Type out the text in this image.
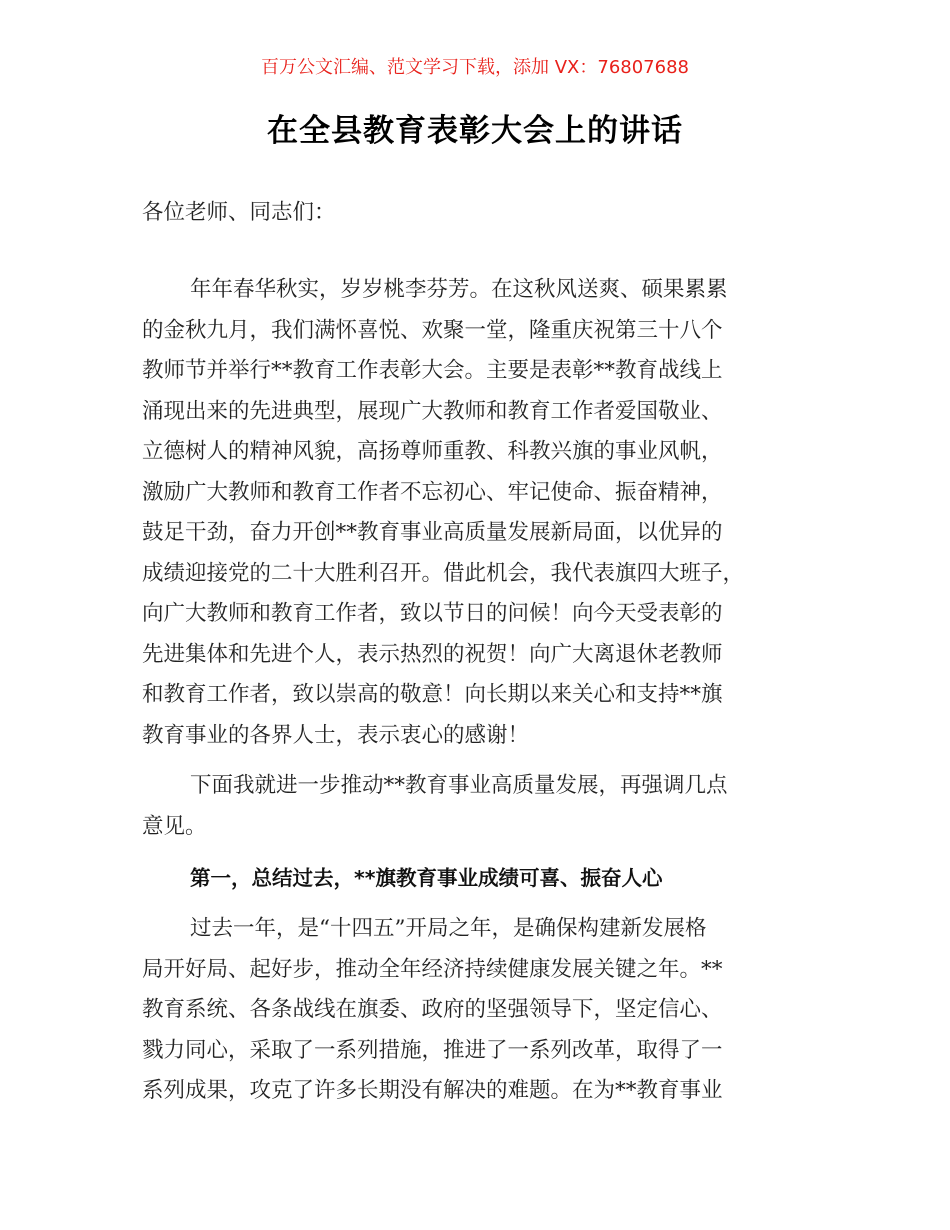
百万公文汇编、范文学习下载，添加 VX：76807688
在全县教育表彰大会上的讲话
各位老师、同志们：
年年春华秋实，岁岁桃李芬芳。在这秋风送爽、硕果累累
的金秋九月，我们满怀喜悦、欢聚一堂，隆重庆祝第三十八个
教师节并举行**教育工作表彰大会。主要是表彰**教育战线上
涌现出来的先进典型，展现广大教师和教育工作者爱国敬业、
立德树人的精神风貌，高扬尊师重教、科教兴旗的事业风帆，
激励广大教师和教育工作者不忘初心、牢记使命、振奋精神，
鼓足干劲，奋力开创**教育事业高质量发展新局面，以优异的
成绩迎接党的二十大胜利召开。借此机会，我代表旗四大班子，
向广大教师和教育工作者，致以节日的问候！向今天受表彰的
先进集体和先进个人，表示热烈的祝贺！向广大离退休老教师
和教育工作者，致以崇高的敬意！向长期以来关心和支持**旗
教育事业的各界人士，表示衷心的感谢！
下面我就进一步推动**教育事业高质量发展，再强调几点
意见。
第一，总结过去，**旗教育事业成绩可喜、振奋人心
过去一年，是“十四五”开局之年，是确保构建新发展格
局开好局、起好步，推动全年经济持续健康发展关键之年。**
教育系统、各条战线在旗委、政府的坚强领导下，坚定信心、
戮力同心，采取了一系列措施，推进了一系列改革，取得了一
系列成果，攻克了许多长期没有解决的难题。在为**教育事业
